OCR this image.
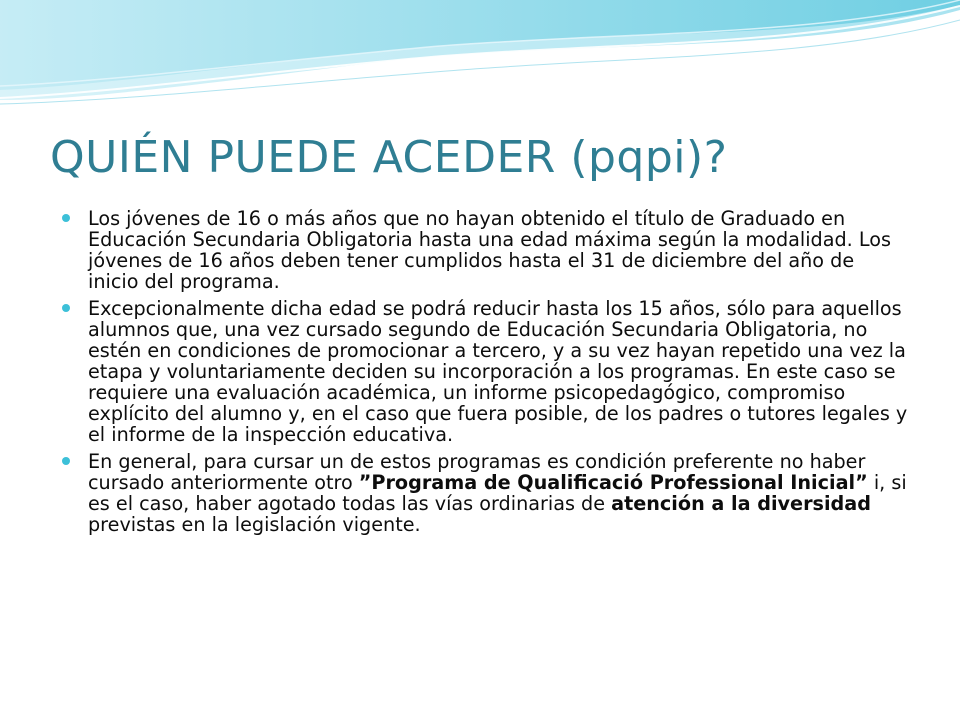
QUIÉN PUEDE ACEDER (pqpi)?
Los jóvenes de 16 o más años que no hayan obtenido el título de Graduado en Educación Secundaria Obligatoria hasta una edad máxima según la modalidad. Los jóvenes de 16 años deben tener cumplidos hasta el 31 de diciembre del año de inicio del programa.
Excepcionalmente dicha edad se podrá reducir hasta los 15 años, sólo para aquellos alumnos que, una vez cursado segundo de Educación Secundaria Obligatoria, no estén en condiciones de promocionar a tercero, y a su vez hayan repetido una vez la etapa y voluntariamente deciden su incorporación a los programas. En este caso se requiere una evaluación académica, un informe psicopedagógico, compromiso explícito del alumno y, en el caso que fuera posible, de los padres o tutores legales y el informe de la inspección educativa.
En general, para cursar un de estos programas es condición preferente no haber cursado anteriormente otro ”Programa de Qualificació Professional Inicial” i, si es el caso, haber agotado todas las vías ordinarias de atención a la diversidad previstas en la legislación vigente.
